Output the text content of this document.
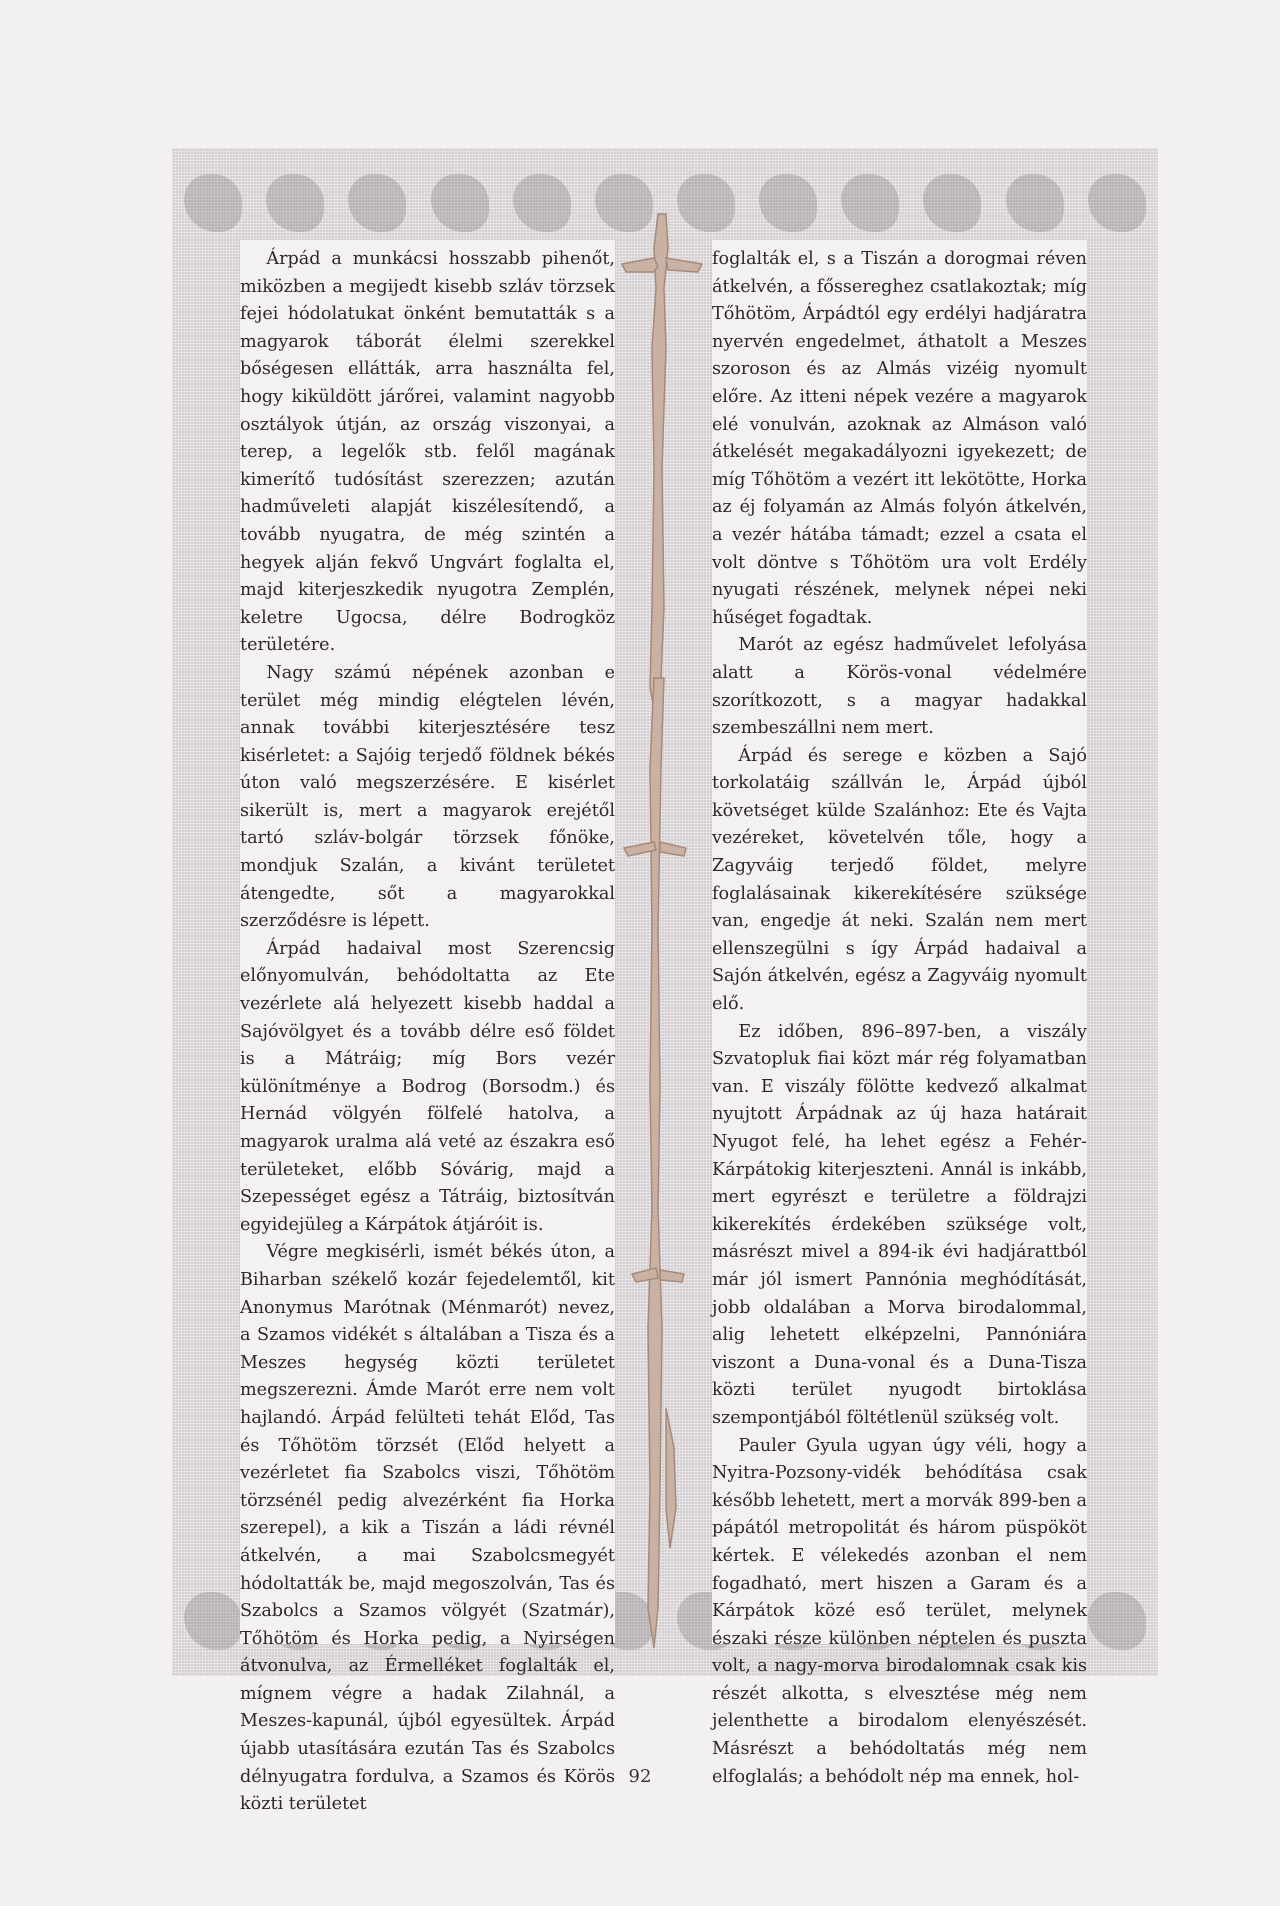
Árpád a munkácsi hosszabb pihenőt, miközben a megijedt kisebb szláv törzsek fejei hódolatukat önként bemutatták s a magyarok táborát élelmi szerekkel bőségesen ellátták, arra használta fel, hogy kiküldött járőrei, valamint nagyobb osztályok útján, az ország viszonyai, a terep, a legelők stb. felől magának kimerítő tudósítást szerezzen; azután hadműveleti alapját kiszélesítendő, a tovább nyugatra, de még szintén a hegyek alján fekvő Ungvárt foglalta el, majd kiterjeszkedik nyugotra Zemplén, keletre Ugocsa, délre Bodrogköz területére.

Nagy számú népének azonban e terület még mindig elégtelen lévén, annak további kiterjesztésére tesz kisérletet: a Sajóig terjedő földnek békés úton való megszerzésére. E kisérlet sikerült is, mert a magyarok erejétől tartó szláv-bolgár törzsek főnöke, mondjuk Szalán, a kivánt területet átengedte, sőt a magyarokkal szerződésre is lépett.

Árpád hadaival most Szerencsig előnyomulván, behódoltatta az Ete vezérlete alá helyezett kisebb haddal a Sajóvölgyet és a tovább délre eső földet is a Mátráig; míg Bors vezér különítménye a Bodrog (Borsodm.) és Hernád völgyén fölfelé hatolva, a magyarok uralma alá veté az északra eső területeket, előbb Sóvárig, majd a Szepességet egész a Tátráig, biztosítván egyidejüleg a Kárpátok átjáróit is.

Végre megkisérli, ismét békés úton, a Biharban székelő kozár fejedelemtől, kit Anonymus Marótnak (Ménmarót) nevez, a Szamos vidékét s általában a Tisza és a Meszes hegység közti területet megszerezni. Ámde Marót erre nem volt hajlandó. Árpád felülteti tehát Előd, Tas és Tőhötöm törzsét (Előd helyett a vezérletet fia Szabolcs viszi, Tőhötöm törzsénél pedig alvezérként fia Horka szerepel), a kik a Tiszán a ládi révnél átkelvén, a mai Szabolcsmegyét hódoltatták be, majd megoszolván, Tas és Szabolcs a Szamos völgyét (Szatmár), Tőhötöm és Horka pedig, a Nyirségen átvonulva, az Érmelléket foglalták el, mígnem végre a hadak Zilahnál, a Meszes-kapunál, újból egyesültek. Árpád újabb utasítására ezután Tas és Szabolcs délnyugatra fordulva, a Szamos és Körös közti területet

foglalták el, s a Tiszán a dorogmai réven átkelvén, a főssereghez csatlakoztak; míg Tőhötöm, Árpádtól egy erdélyi hadjáratra nyervén engedelmet, áthatolt a Meszes szoroson és az Almás vizéig nyomult előre. Az itteni népek vezére a magyarok elé vonulván, azoknak az Almáson való átkelését megakadályozni igyekezett; de míg Tőhötöm a vezért itt lekötötte, Horka az éj folyamán az Almás folyón átkelvén, a vezér hátába támadt; ezzel a csata el volt döntve s Tőhötöm ura volt Erdély nyugati részének, melynek népei neki hűséget fogadtak.

Marót az egész hadművelet lefolyása alatt a Körös-vonal védelmére szorítkozott, s a magyar hadakkal szembeszállni nem mert.

Árpád és serege e közben a Sajó torkolatáig szállván le, Árpád újból követséget külde Szalánhoz: Ete és Vajta vezéreket, követelvén tőle, hogy a Zagyváig terjedő földet, melyre foglalásainak kikerekítésére szüksége van, engedje át neki. Szalán nem mert ellenszegülni s így Árpád hadaival a Sajón átkelvén, egész a Zagyváig nyomult elő.

Ez időben, 896–897-ben, a viszály Szvatopluk fiai közt már rég folyamatban van. E viszály fölötte kedvező alkalmat nyujtott Árpádnak az új haza határait Nyugot felé, ha lehet egész a Fehér-Kárpátokig kiterjeszteni. Annál is inkább, mert egyrészt e területre a földrajzi kikerekítés érdekében szüksége volt, másrészt mivel a 894-ik évi hadjárattból már jól ismert Pannónia meghódítását, jobb oldalában a Morva birodalommal, alig lehetett elképzelni, Pannóniára viszont a Duna-vonal és a Duna-Tisza közti terület nyugodt birtoklása szempontjából föltétlenül szükség volt.

Pauler Gyula ugyan úgy véli, hogy a Nyitra-Pozsony-vidék behódítása csak később lehetett, mert a morvák 899-ben a pápától metropolitát és három püspököt kértek. E vélekedés azonban el nem fogadható, mert hiszen a Garam és a Kárpátok közé eső terület, melynek északi része különben néptelen és puszta volt, a nagy-morva birodalomnak csak kis részét alkotta, s elvesztése még nem jelenthette a birodalom elenyészését. Másrészt a behódoltatás még nem elfoglalás; a behódolt nép ma ennek, hol-

92
